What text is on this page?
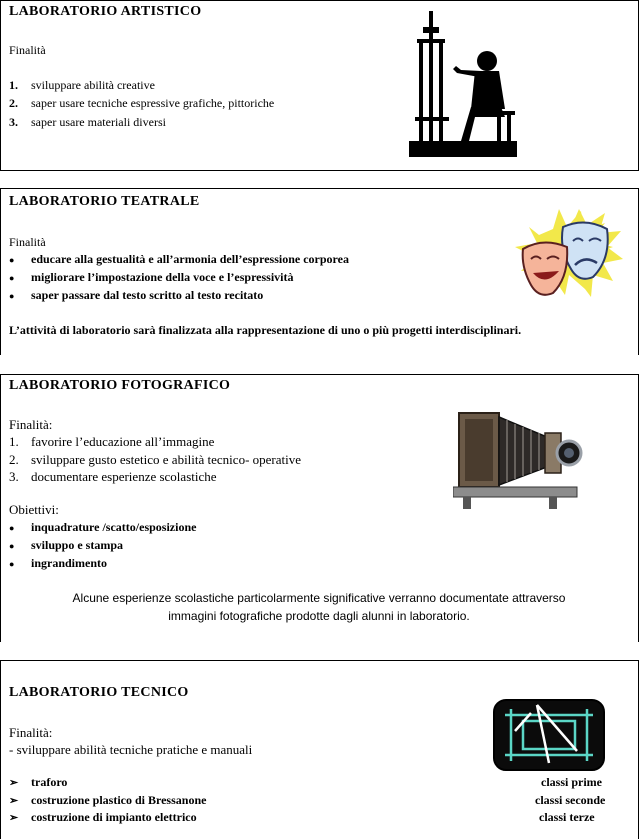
LABORATORIO ARTISTICO
Finalità
1. sviluppare abilità creative
2. saper usare tecniche espressive grafiche, pittoriche
3. saper usare materiali diversi
LABORATORIO TEATRALE
Finalità
● educare alla gestualità e all’armonia dell’espressione corporea
● migliorare l’impostazione della voce e l’espressività
● saper passare dal testo scritto al testo recitato
L’attività di laboratorio sarà finalizzata alla rappresentazione di uno o più progetti interdisciplinari.
LABORATORIO FOTOGRAFICO
Finalità:
1. favorire l’educazione all’immagine
2. sviluppare gusto estetico e abilità tecnico- operative
3. documentare esperienze scolastiche
Obiettivi:
● inquadrature /scatto/esposizione
● sviluppo e stampa
● ingrandimento
Alcune esperienze scolastiche particolarmente significative verranno documentate attraverso
immagini fotografiche prodotte dagli alunni in laboratorio.
LABORATORIO TECNICO
Finalità:
- sviluppare abilità tecniche pratiche e manuali
➢ traforo	classi prime
➢ costruzione plastico di Bressanone	classi seconde
➢ costruzione di impianto elettrico	classi terze
